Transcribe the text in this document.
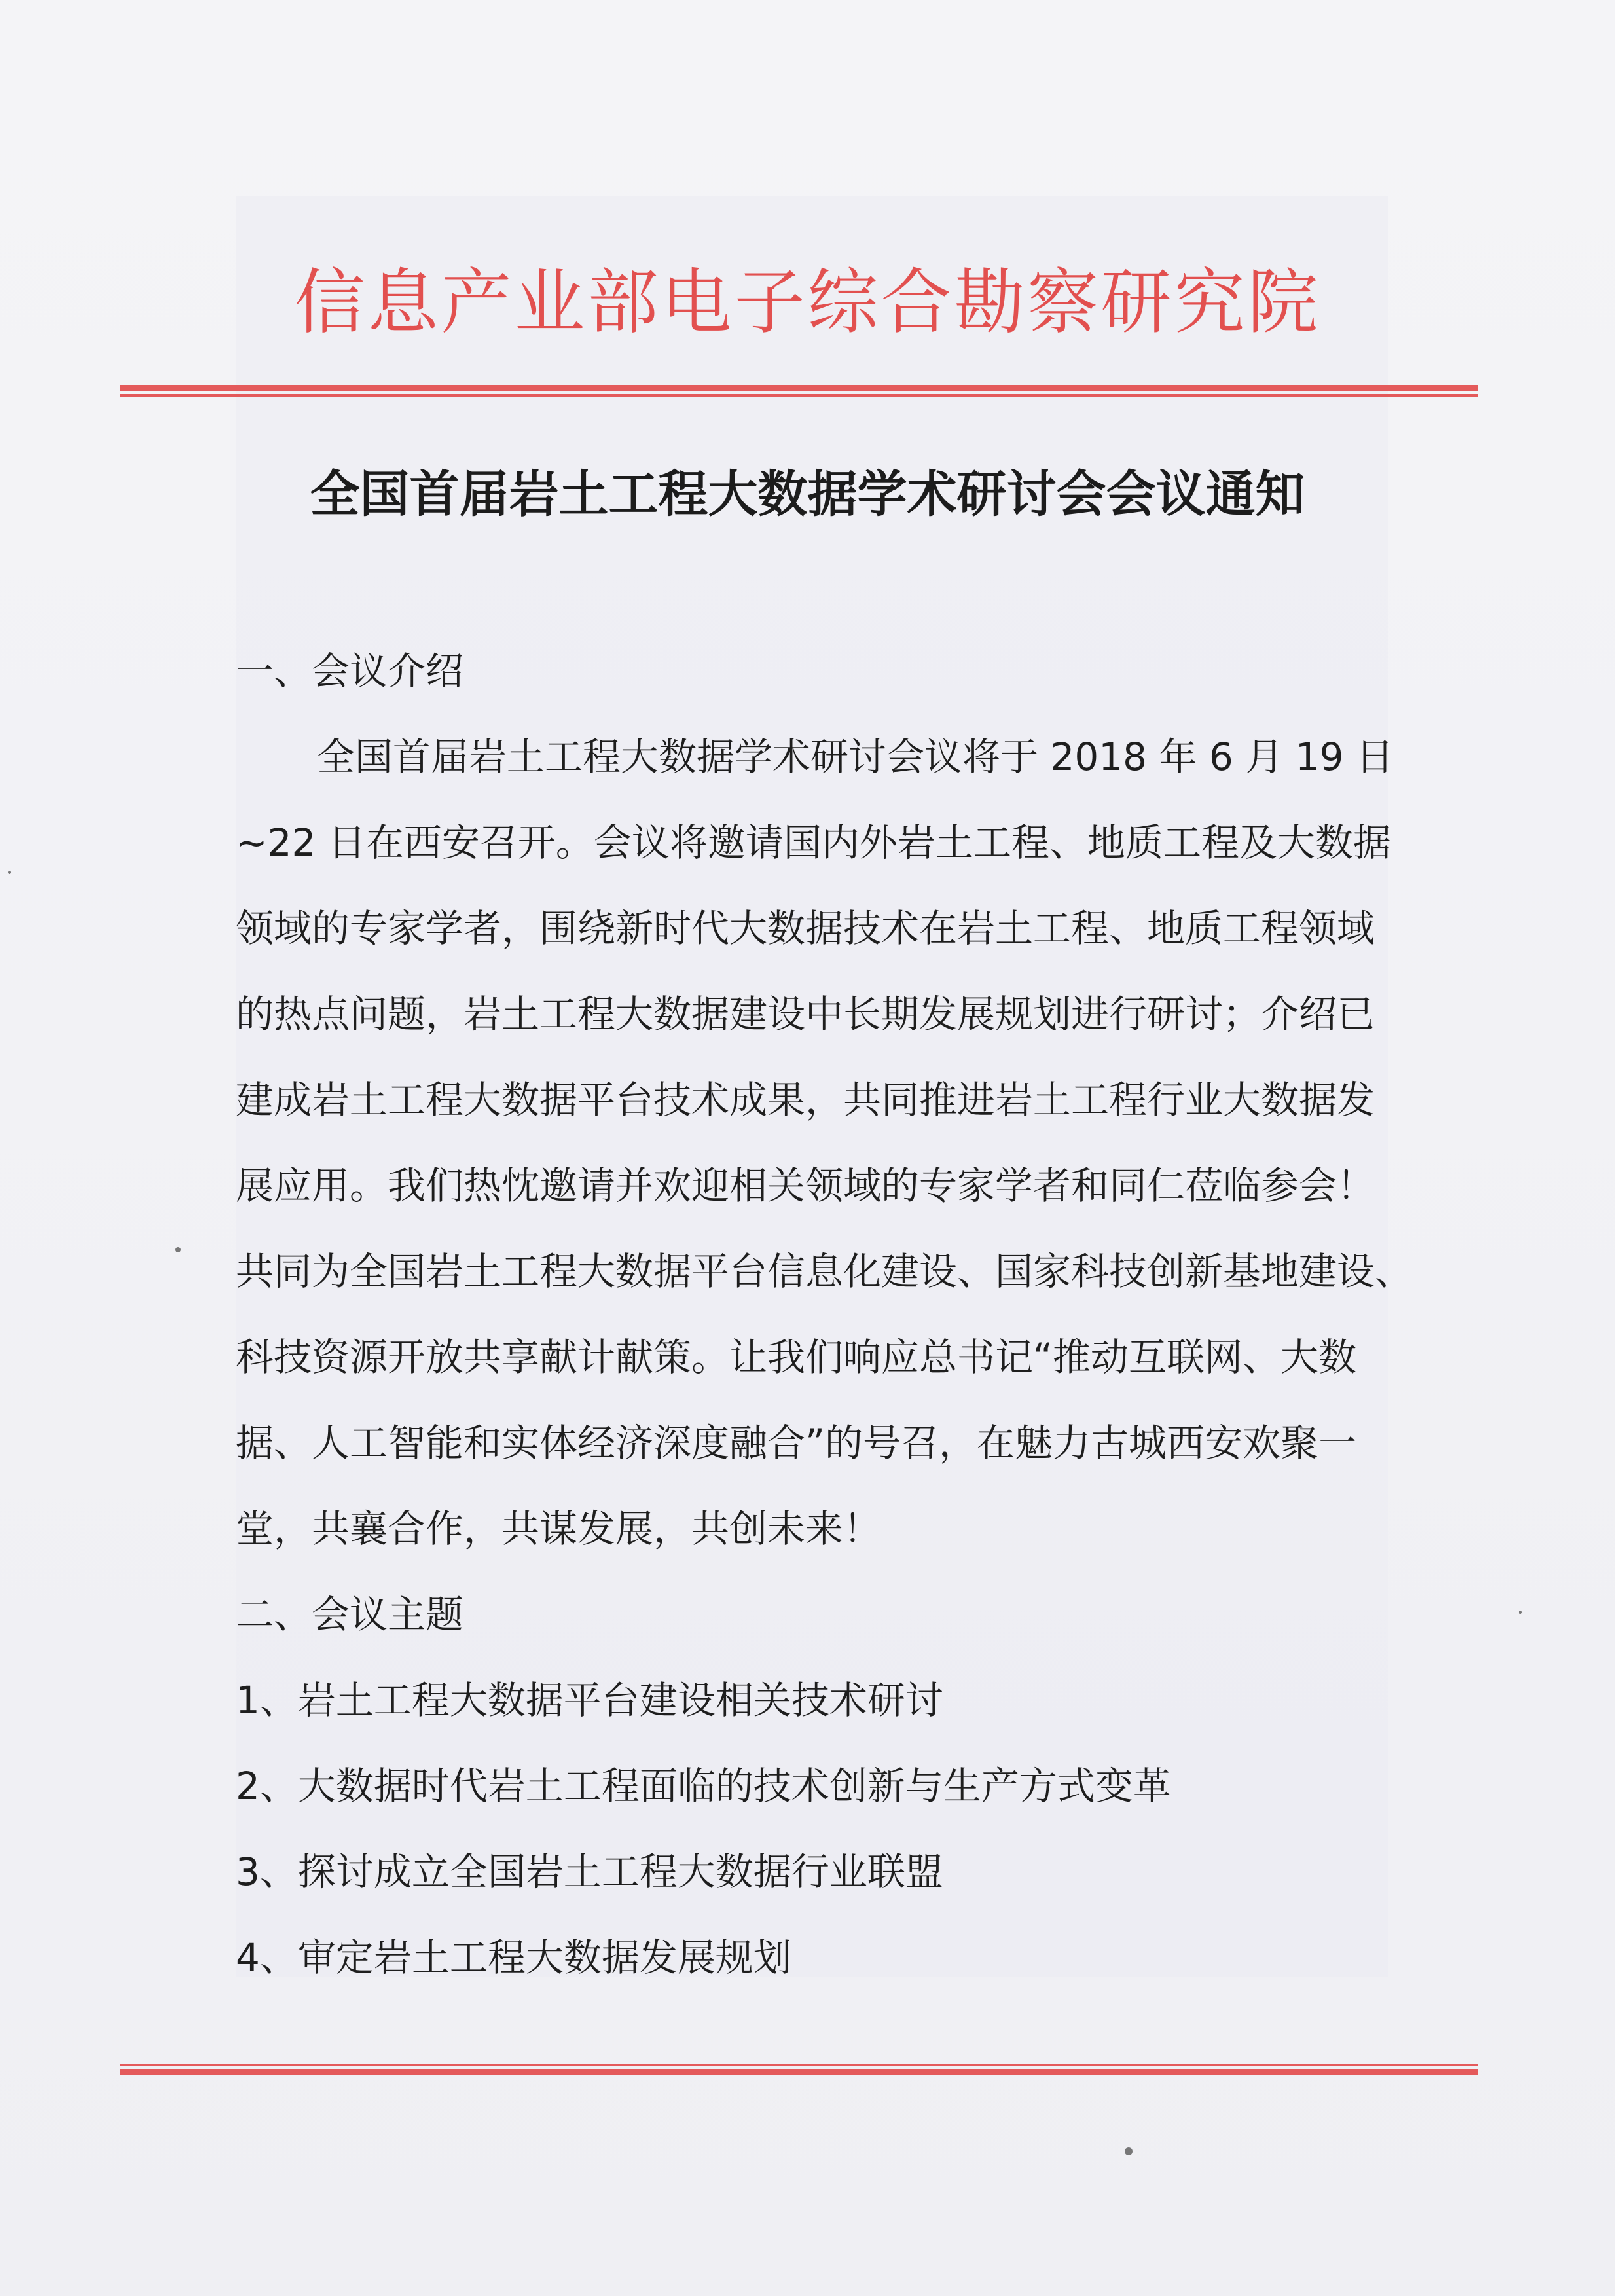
信息产业部电子综合勘察研究院
全国首届岩土工程大数据学术研讨会会议通知
一、会议介绍
全国首届岩土工程大数据学术研讨会议将于 2018 年 6 月 19 日
~22 日在西安召开。会议将邀请国内外岩土工程、地质工程及大数据
领域的专家学者，围绕新时代大数据技术在岩土工程、地质工程领域
的热点问题，岩土工程大数据建设中长期发展规划进行研讨；介绍已
建成岩土工程大数据平台技术成果，共同推进岩土工程行业大数据发
展应用。我们热忱邀请并欢迎相关领域的专家学者和同仁莅临参会！
共同为全国岩土工程大数据平台信息化建设、国家科技创新基地建设、
科技资源开放共享献计献策。让我们响应总书记“推动互联网、大数
据、人工智能和实体经济深度融合”的号召，在魅力古城西安欢聚一
堂，共襄合作，共谋发展，共创未来！
二、会议主题
1、岩土工程大数据平台建设相关技术研讨
2、大数据时代岩土工程面临的技术创新与生产方式变革
3、探讨成立全国岩土工程大数据行业联盟
4、审定岩土工程大数据发展规划
